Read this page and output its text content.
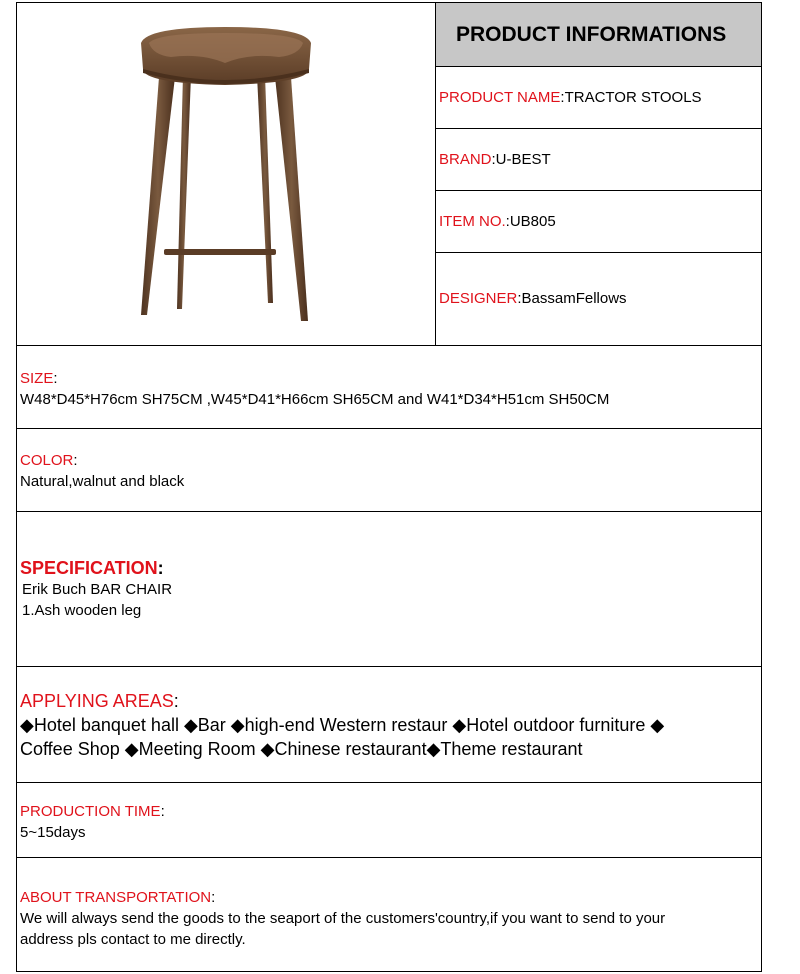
PRODUCT INFORMATIONS
PRODUCT NAME:TRACTOR STOOLS
BRAND:U-BEST
ITEM NO.:UB805
DESIGNER:BassamFellows
SIZE:
W48*D45*H76cm SH75CM ,W45*D41*H66cm SH65CM and W41*D34*H51cm SH50CM
COLOR:
Natural,walnut and black
SPECIFICATION:
Erik Buch BAR CHAIR
1.Ash wooden leg
APPLYING AREAS:
◆Hotel banquet hall ◆Bar ◆high-end Western restaur ◆Hotel outdoor furniture ◆
Coffee Shop ◆Meeting Room ◆Chinese restaurant◆Theme restaurant
PRODUCTION TIME:
5~15days
ABOUT TRANSPORTATION:
We will always send the goods to the seaport of the customers'country,if you want to send to your
address pls contact to me directly.
